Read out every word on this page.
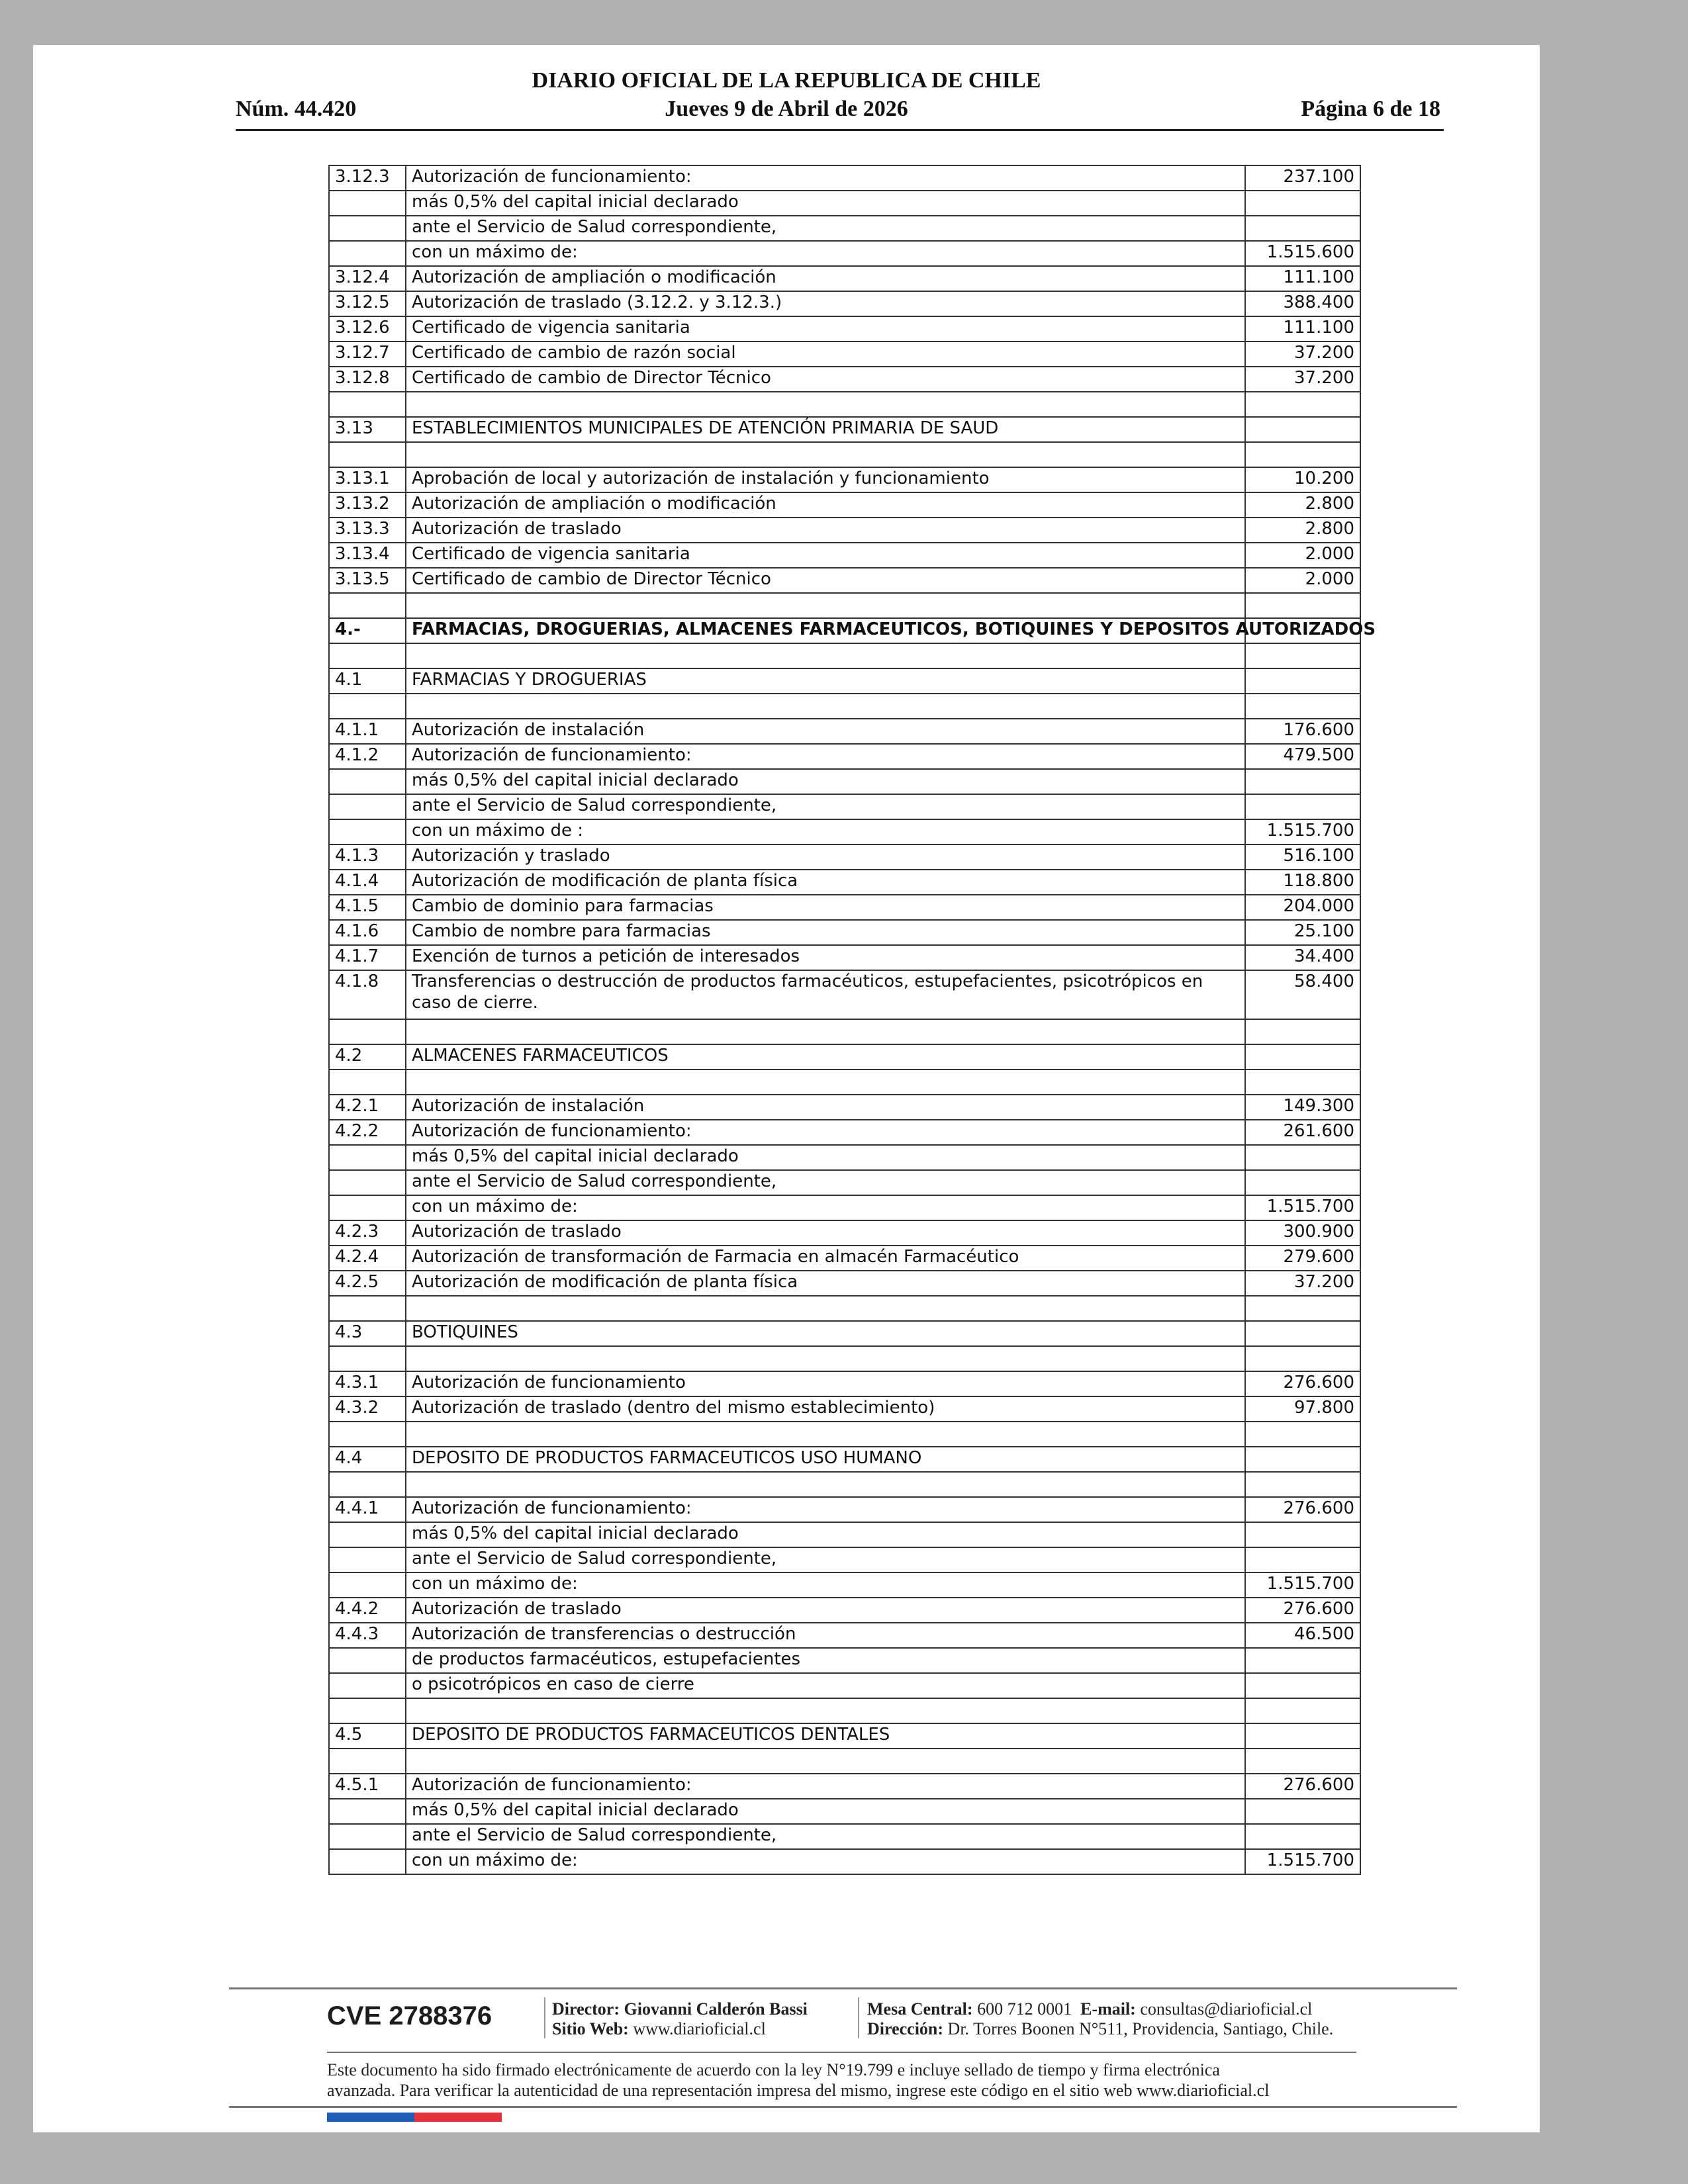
DIARIO OFICIAL DE LA REPUBLICA DE CHILE
Núm. 44.420	Jueves 9 de Abril de 2026	Página 6 de 18
3.12.3	Autorización de funcionamiento:	237.100
	más 0,5% del capital inicial declarado	
	ante el Servicio de Salud correspondiente,	
	con un máximo de:	1.515.600
3.12.4	Autorización de ampliación o modificación	111.100
3.12.5	Autorización de traslado (3.12.2. y 3.12.3.)	388.400
3.12.6	Certificado de vigencia sanitaria	111.100
3.12.7	Certificado de cambio de razón social	37.200
3.12.8	Certificado de cambio de Director Técnico	37.200

3.13	ESTABLECIMIENTOS MUNICIPALES DE ATENCIÓN PRIMARIA DE SAUD	

3.13.1	Aprobación de local y autorización de instalación y funcionamiento	10.200
3.13.2	Autorización de ampliación o modificación	2.800
3.13.3	Autorización de traslado	2.800
3.13.4	Certificado de vigencia sanitaria	2.000
3.13.5	Certificado de cambio de Director Técnico	2.000

4.-	FARMACIAS, DROGUERIAS, ALMACENES FARMACEUTICOS, BOTIQUINES Y DEPOSITOS AUTORIZADOS	

4.1	FARMACIAS Y DROGUERIAS	

4.1.1	Autorización de instalación	176.600
4.1.2	Autorización de funcionamiento:	479.500
	más 0,5% del capital inicial declarado	
	ante el Servicio de Salud correspondiente,	
	con un máximo de :	1.515.700
4.1.3	Autorización y traslado	516.100
4.1.4	Autorización de modificación de planta física	118.800
4.1.5	Cambio de dominio para farmacias	204.000
4.1.6	Cambio de nombre para farmacias	25.100
4.1.7	Exención de turnos a petición de interesados	34.400
4.1.8	Transferencias o destrucción de productos farmacéuticos, estupefacientes, psicotrópicos en caso de cierre.	58.400

4.2	ALMACENES FARMACEUTICOS	

4.2.1	Autorización de instalación	149.300
4.2.2	Autorización de funcionamiento:	261.600
	más 0,5% del capital inicial declarado	
	ante el Servicio de Salud correspondiente,	
	con un máximo de:	1.515.700
4.2.3	Autorización de traslado	300.900
4.2.4	Autorización de transformación de Farmacia en almacén Farmacéutico	279.600
4.2.5	Autorización de modificación de planta física	37.200

4.3	BOTIQUINES	

4.3.1	Autorización de funcionamiento	276.600
4.3.2	Autorización de traslado (dentro del mismo establecimiento)	97.800

4.4	DEPOSITO DE PRODUCTOS FARMACEUTICOS USO HUMANO	

4.4.1	Autorización de funcionamiento:	276.600
	más 0,5% del capital inicial declarado	
	ante el Servicio de Salud correspondiente,	
	con un máximo de:	1.515.700
4.4.2	Autorización de traslado	276.600
4.4.3	Autorización de transferencias o destrucción	46.500
	de productos farmacéuticos, estupefacientes	
	o psicotrópicos en caso de cierre	

4.5	DEPOSITO DE PRODUCTOS FARMACEUTICOS DENTALES	

4.5.1	Autorización de funcionamiento:	276.600
	más 0,5% del capital inicial declarado	
	ante el Servicio de Salud correspondiente,	
	con un máximo de:	1.515.700
CVE 2788376	Director: Giovanni Calderón Bassi
Sitio Web: www.diarioficial.cl
Mesa Central: 600 712 0001 E-mail: consultas@diarioficial.cl
Dirección: Dr. Torres Boonen N°511, Providencia, Santiago, Chile.
Este documento ha sido firmado electrónicamente de acuerdo con la ley N°19.799 e incluye sellado de tiempo y firma electrónica
avanzada. Para verificar la autenticidad de una representación impresa del mismo, ingrese este código en el sitio web www.diarioficial.cl
